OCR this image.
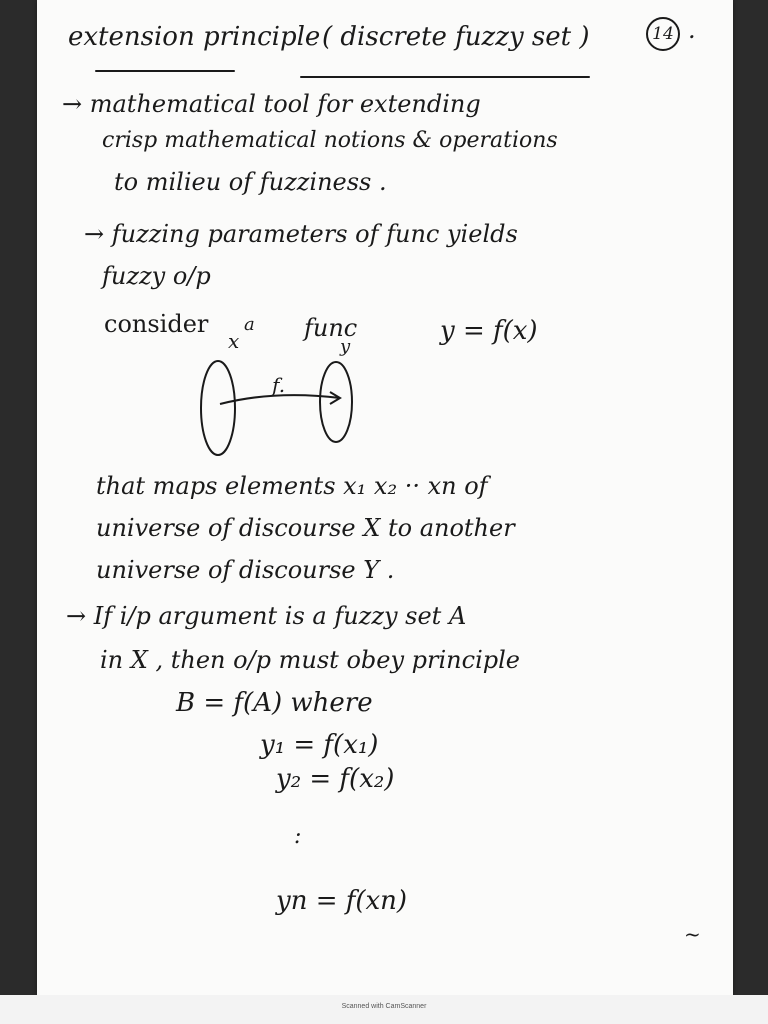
extension principle ( discrete fuzzy set )	14 .
→ mathematical tool for extending
crisp mathematical notions & operations
to milieu of fuzziness .
→ fuzzing parameters of func yields
fuzzy o/p
consider a func	y = f(x)
x	y
f.
that maps elements x₁ x₂ ·· xn of
universe of discourse X to another
universe of discourse Y .
→ If i/p argument is a fuzzy set A
in X , then o/p must obey principle
B = f(A) where
y₁ = f(x₁)
y₂ = f(x₂)
:
yn = f(xn)
~
Scanned with CamScanner
